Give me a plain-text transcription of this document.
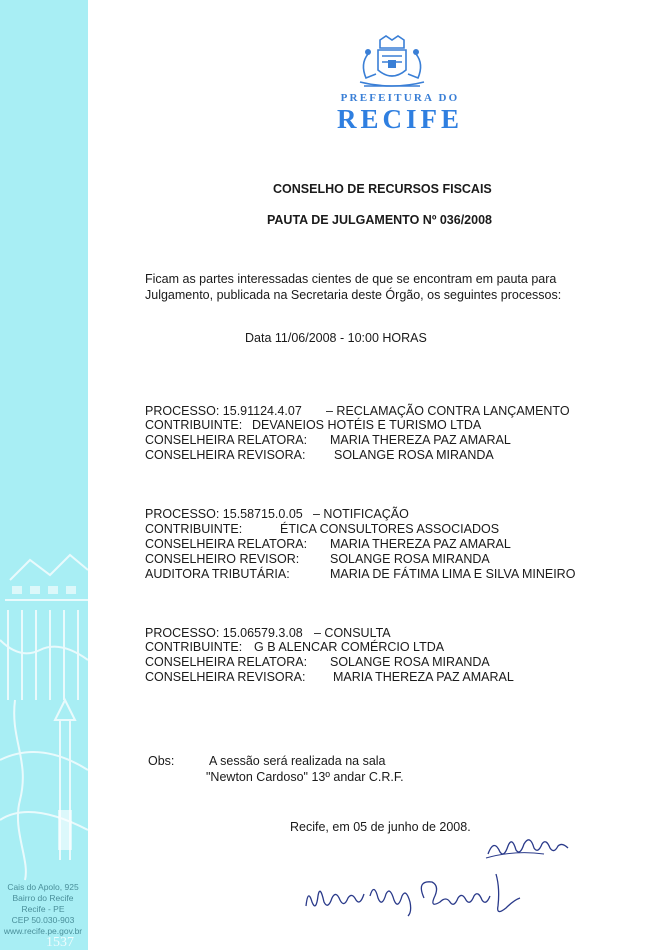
1537
Cais do Apolo, 925
Bairro do Recife
Recife - PE
CEP 50.030-903
www.recife.pe.gov.br
PREFEITURA DO
RECIFE
CONSELHO DE RECURSOS FISCAIS
PAUTA DE JULGAMENTO Nº 036/2008
Ficam as partes interessadas cientes de que se encontram em pauta para
Julgamento, publicada na Secretaria deste Órgão, os seguintes processos:
Data 11/06/2008 - 10:00 HORAS
PROCESSO: 15.91124.4.07 – RECLAMAÇÃO CONTRA LANÇAMENTO
CONTRIBUINTE: DEVANEIOS HOTÉIS E TURISMO LTDA
CONSELHEIRA RELATORA: MARIA THEREZA PAZ AMARAL
CONSELHEIRA REVISORA: SOLANGE ROSA MIRANDA
PROCESSO: 15.58715.0.05 – NOTIFICAÇÃO
CONTRIBUINTE:	ÉTICA CONSULTORES ASSOCIADOS
CONSELHEIRA RELATORA: MARIA THEREZA PAZ AMARAL
CONSELHEIRO REVISOR: SOLANGE ROSA MIRANDA
AUDITORA TRIBUTÁRIA:	MARIA DE FÁTIMA LIMA E SILVA MINEIRO
PROCESSO: 15.06579.3.08 – CONSULTA
CONTRIBUINTE: G B ALENCAR COMÉRCIO LTDA
CONSELHEIRA RELATORA: SOLANGE ROSA MIRANDA
CONSELHEIRA REVISORA: MARIA THEREZA PAZ AMARAL
Obs:	A sessão será realizada na sala
"Newton Cardoso" 13º andar C.R.F.
Recife, em 05 de junho de 2008.
